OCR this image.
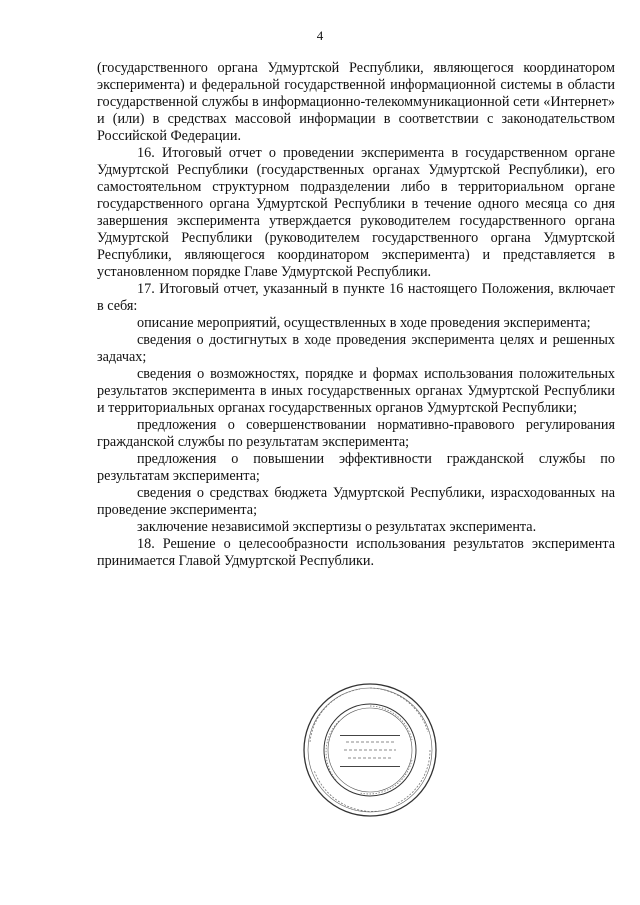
4

(государственного органа Удмуртской Республики, являющегося координатором эксперимента) и федеральной государственной информационной системы в области государственной службы в информационно-телекоммуникационной сети «Интернет» и (или) в средствах массовой информации в соответствии с законодательством Российской Федерации.

16. Итоговый отчет о проведении эксперимента в государственном органе Удмуртской Республики (государственных органах Удмуртской Республики), его самостоятельном структурном подразделении либо в территориальном органе государственного органа Удмуртской Республики в течение одного месяца со дня завершения эксперимента утверждается руководителем государственного органа Удмуртской Республики (руководителем государственного органа Удмуртской Республики, являющегося координатором эксперимента) и представляется в установленном порядке Главе Удмуртской Республики.

17. Итоговый отчет, указанный в пункте 16 настоящего Положения, включает в себя:

описание мероприятий, осуществленных в ходе проведения эксперимента;

сведения о достигнутых в ходе проведения эксперимента целях и решенных задачах;

сведения о возможностях, порядке и формах использования положительных результатов эксперимента в иных государственных органах Удмуртской Республики и территориальных органах государственных органов Удмуртской Республики;

предложения о совершенствовании нормативно-правового регулирования гражданской службы по результатам эксперимента;

предложения о повышении эффективности гражданской службы по результатам эксперимента;

сведения о средствах бюджета Удмуртской Республики, израсходованных на проведение эксперимента;

заключение независимой экспертизы о результатах эксперимента.

18. Решение о целесообразности использования результатов эксперимента принимается Главой Удмуртской Республики.
